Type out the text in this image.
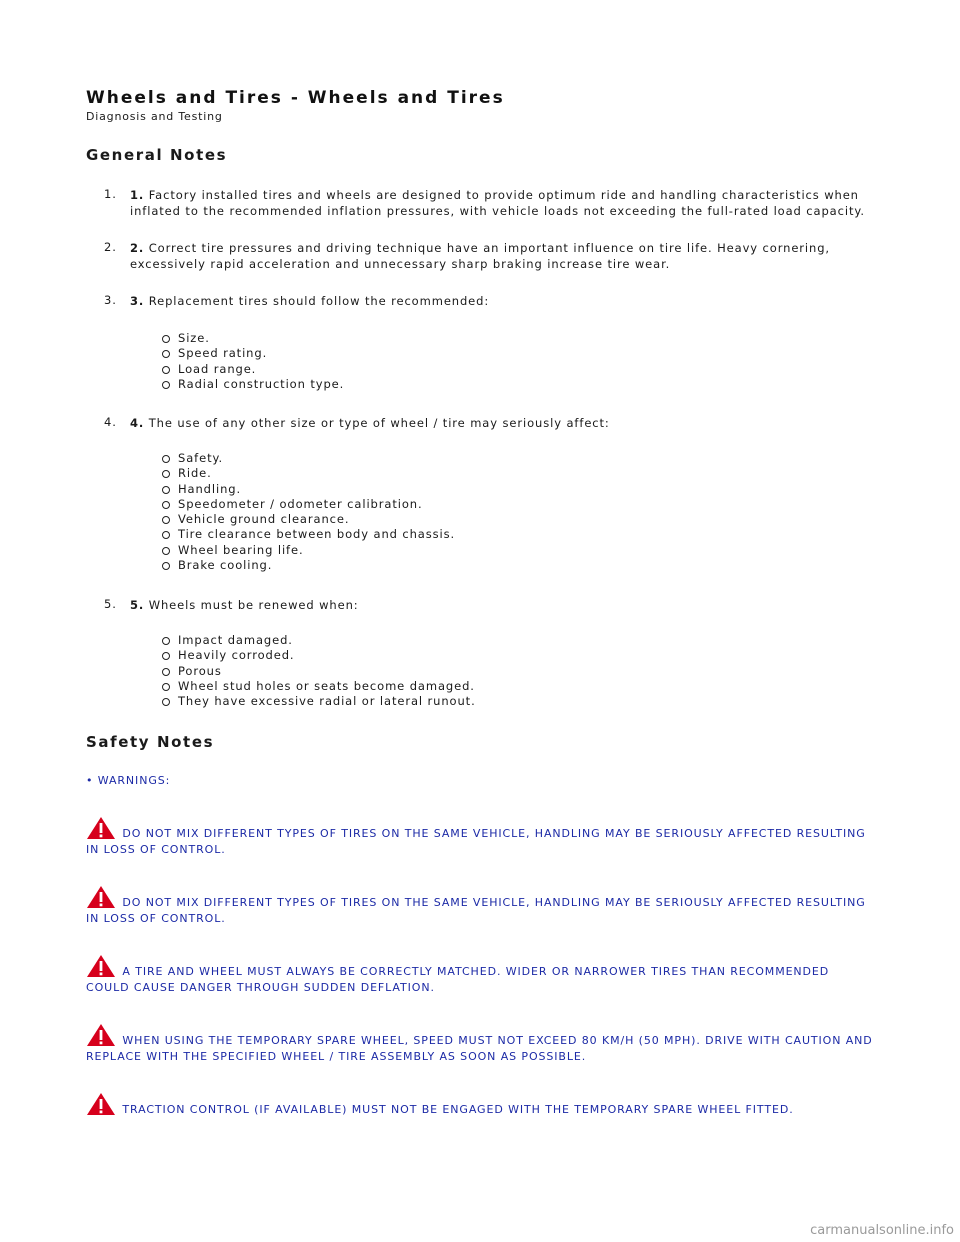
Wheels and Tires - Wheels and Tires
Diagnosis and Testing
General Notes
1. 1. Factory installed tires and wheels are designed to provide optimum ride and handling characteristics when inflated to the recommended inflation pressures, with vehicle loads not exceeding the full-rated load capacity.
2. 2. Correct tire pressures and driving technique have an important influence on tire life. Heavy cornering, excessively rapid acceleration and unnecessary sharp braking increase tire wear.
3. 3. Replacement tires should follow the recommended:
Size.
Speed rating.
Load range.
Radial construction type.
4. 4. The use of any other size or type of wheel / tire may seriously affect:
Safety.
Ride.
Handling.
Speedometer / odometer calibration.
Vehicle ground clearance.
Tire clearance between body and chassis.
Wheel bearing life.
Brake cooling.
5. 5. Wheels must be renewed when:
Impact damaged.
Heavily corroded.
Porous
Wheel stud holes or seats become damaged.
They have excessive radial or lateral runout.
Safety Notes
• WARNINGS:
DO NOT MIX DIFFERENT TYPES OF TIRES ON THE SAME VEHICLE, HANDLING MAY BE SERIOUSLY AFFECTED RESULTING IN LOSS OF CONTROL.
DO NOT MIX DIFFERENT TYPES OF TIRES ON THE SAME VEHICLE, HANDLING MAY BE SERIOUSLY AFFECTED RESULTING IN LOSS OF CONTROL.
A TIRE AND WHEEL MUST ALWAYS BE CORRECTLY MATCHED. WIDER OR NARROWER TIRES THAN RECOMMENDED COULD CAUSE DANGER THROUGH SUDDEN DEFLATION.
WHEN USING THE TEMPORARY SPARE WHEEL, SPEED MUST NOT EXCEED 80 KM/H (50 MPH). DRIVE WITH CAUTION AND REPLACE WITH THE SPECIFIED WHEEL / TIRE ASSEMBLY AS SOON AS POSSIBLE.
TRACTION CONTROL (IF AVAILABLE) MUST NOT BE ENGAGED WITH THE TEMPORARY SPARE WHEEL FITTED.
carmanualsonline.info
